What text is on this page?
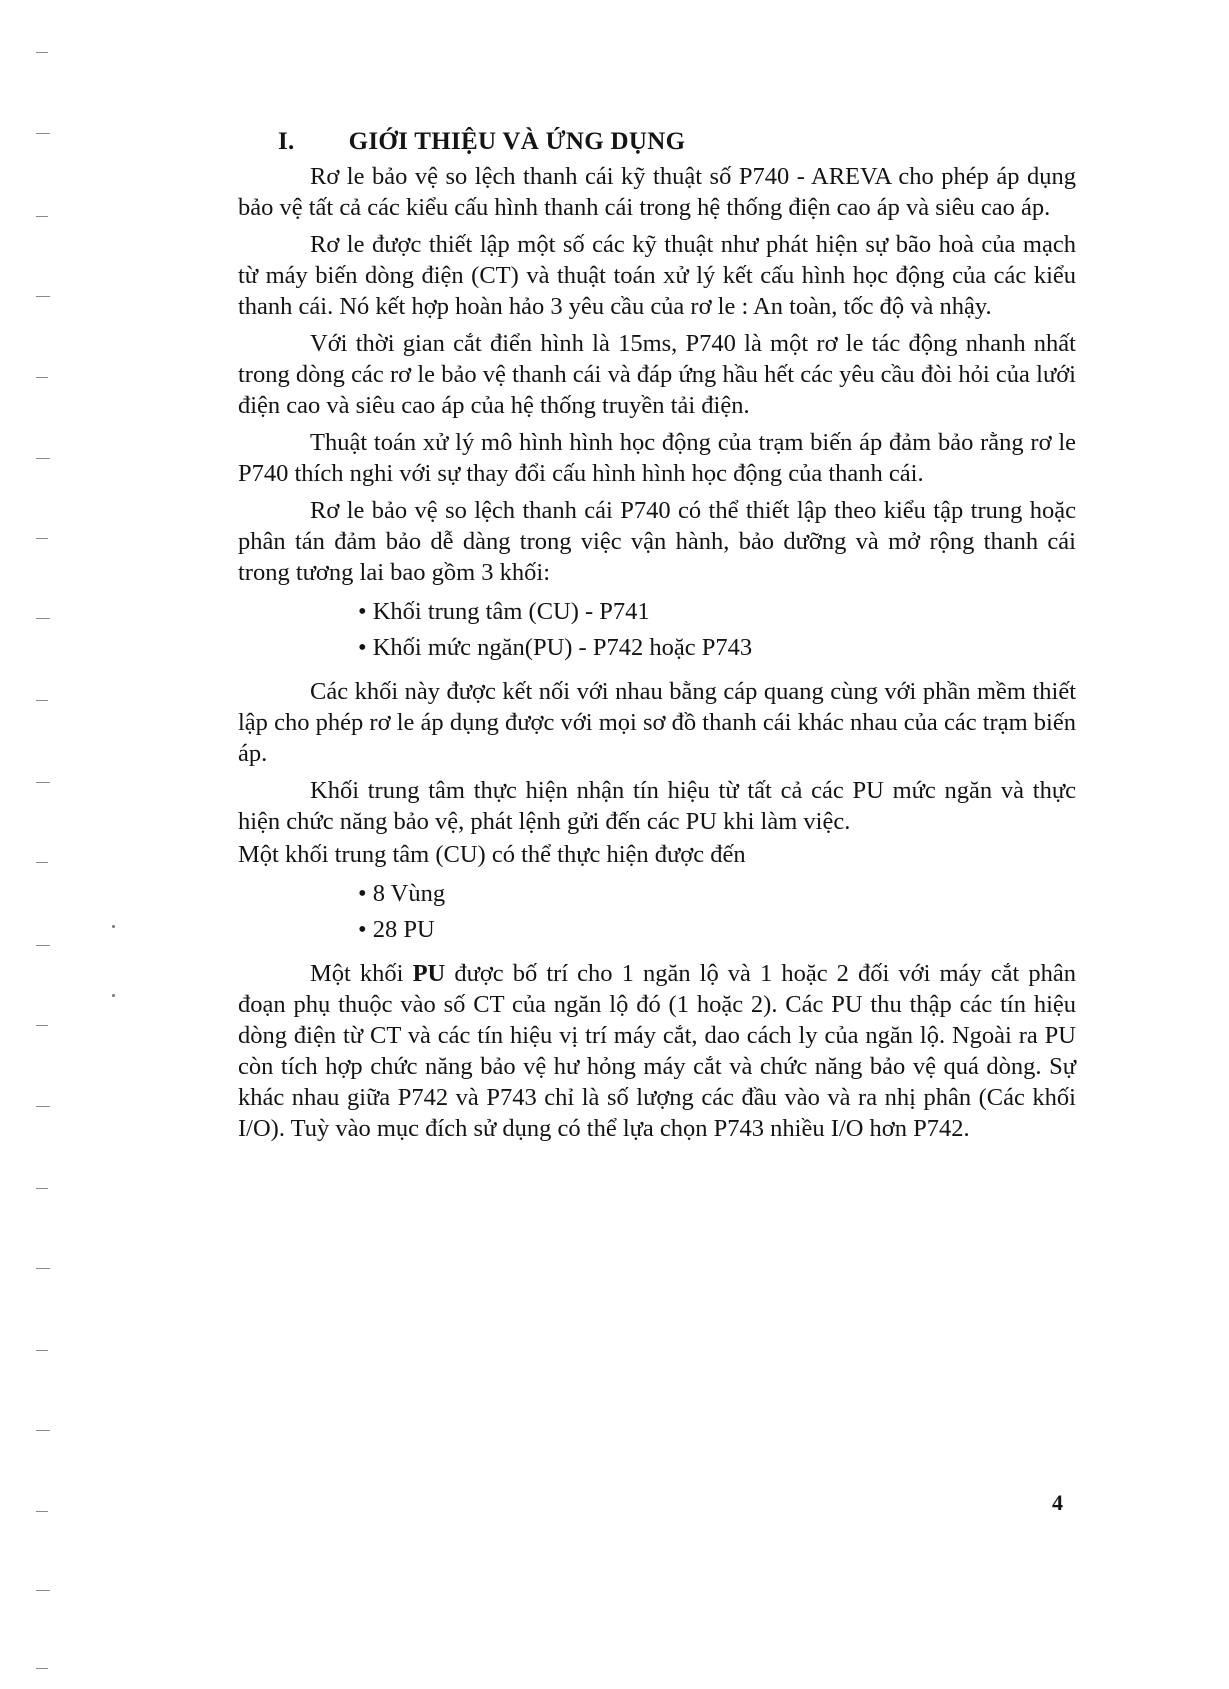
I. GIỚI THIỆU VÀ ỨNG DỤNG

Rơ le bảo vệ so lệch thanh cái kỹ thuật số P740 - AREVA cho phép áp dụng bảo vệ tất cả các kiểu cấu hình thanh cái trong hệ thống điện cao áp và siêu cao áp.

Rơ le được thiết lập một số các kỹ thuật như phát hiện sự bão hoà của mạch từ máy biến dòng điện (CT) và thuật toán xử lý kết cấu hình học động của các kiểu thanh cái. Nó kết hợp hoàn hảo 3 yêu cầu của rơ le : An toàn, tốc độ và nhậy.

Với thời gian cắt điển hình là 15ms, P740 là một rơ le tác động nhanh nhất trong dòng các rơ le bảo vệ thanh cái và đáp ứng hầu hết các yêu cầu đòi hỏi của lưới điện cao và siêu cao áp của hệ thống truyền tải điện.

Thuật toán xử lý mô hình hình học động của trạm biến áp đảm bảo rằng rơ le P740 thích nghi với sự thay đổi cấu hình hình học động của thanh cái.

Rơ le bảo vệ so lệch thanh cái P740 có thể thiết lập theo kiểu tập trung hoặc phân tán đảm bảo dễ dàng trong việc vận hành, bảo dưỡng và mở rộng thanh cái trong tương lai bao gồm 3 khối:

• Khối trung tâm (CU) - P741
• Khối mức ngăn(PU) - P742 hoặc P743

Các khối này được kết nối với nhau bằng cáp quang cùng với phần mềm thiết lập cho phép rơ le áp dụng được với mọi sơ đồ thanh cái khác nhau của các trạm biến áp.

Khối trung tâm thực hiện nhận tín hiệu từ tất cả các PU mức ngăn và thực hiện chức năng bảo vệ, phát lệnh gửi đến các PU khi làm việc.

Một khối trung tâm (CU) có thể thực hiện được đến

• 8 Vùng
• 28 PU

Một khối PU được bố trí cho 1 ngăn lộ và 1 hoặc 2 đối với máy cắt phân đoạn phụ thuộc vào số CT của ngăn lộ đó (1 hoặc 2). Các PU thu thập các tín hiệu dòng điện từ CT và các tín hiệu vị trí máy cắt, dao cách ly của ngăn lộ. Ngoài ra PU còn tích hợp chức năng bảo vệ hư hỏng máy cắt và chức năng bảo vệ quá dòng. Sự khác nhau giữa P742 và P743 chỉ là số lượng các đầu vào và ra nhị phân (Các khối I/O). Tuỳ vào mục đích sử dụng có thể lựa chọn P743 nhiều I/O hơn P742.

4
